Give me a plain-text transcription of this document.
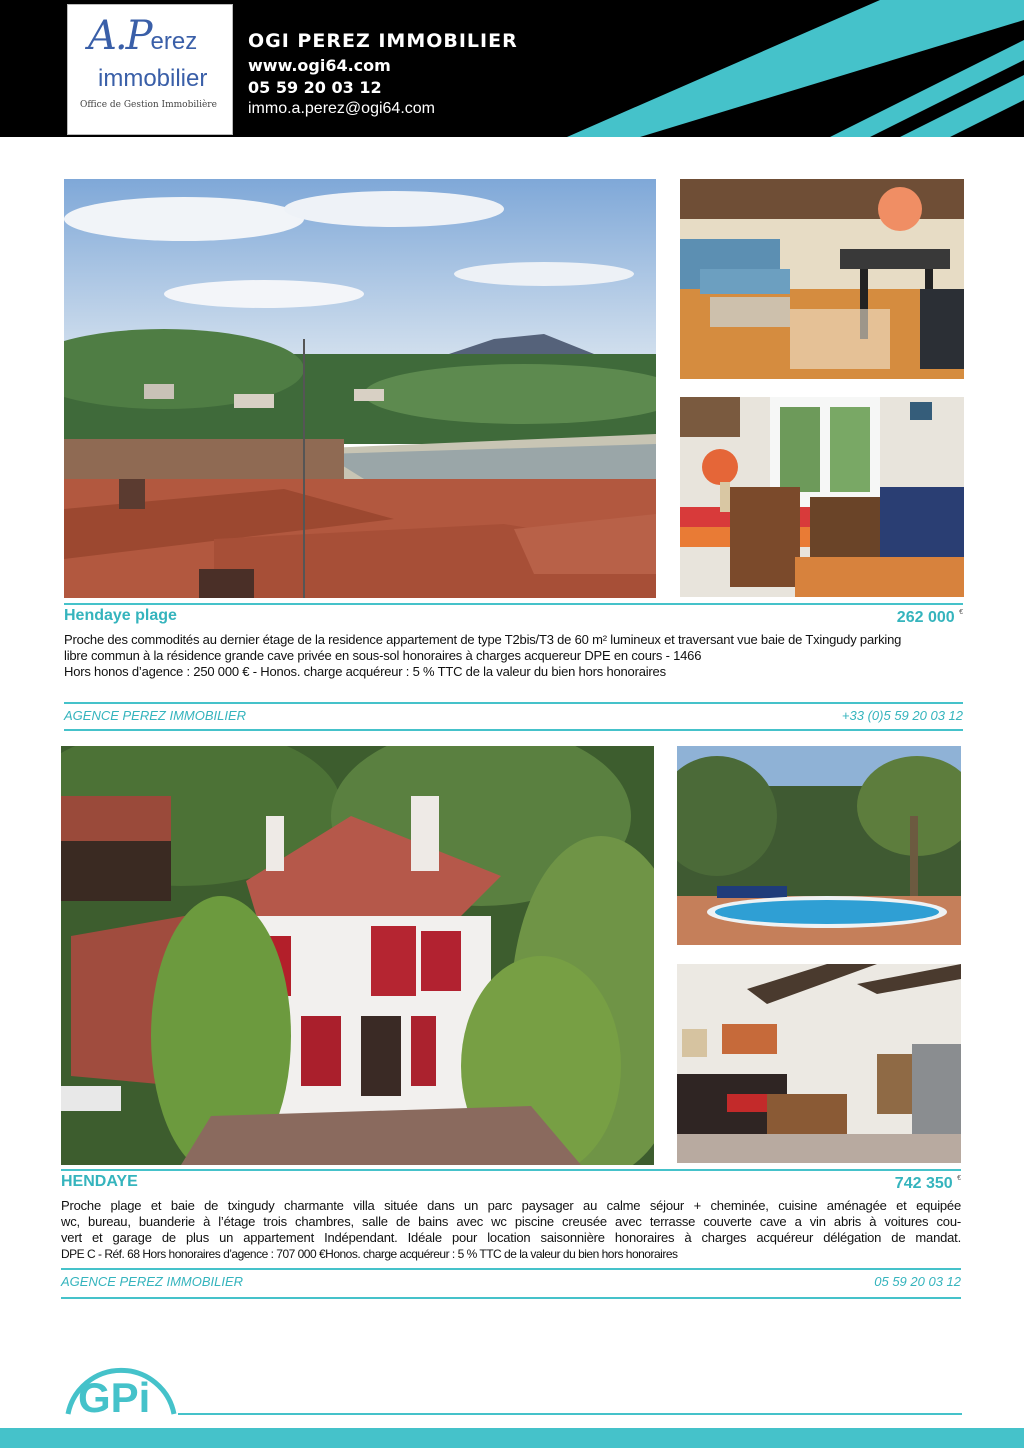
A.Perez
immobilier
Office de Gestion Immobilière
OGI PEREZ IMMOBILIER
www.ogi64.com
05 59 20 03 12
immo.a.perez@ogi64.com
Hendaye plage	262 000 €
Proche des commodités au dernier étage de la residence appartement de type T2bis/T3 de 60 m² lumineux et traversant vue baie de Txingudy parking
libre commun à la résidence grande cave privée en sous-sol honoraires à charges acquereur DPE en cours - 1466
Hors honos d’agence : 250 000 € - Honos. charge acquéreur : 5 % TTC de la valeur du bien hors honoraires
AGENCE PEREZ IMMOBILIER	+33 (0)5 59 20 03 12
HENDAYE	742 350 €
Proche plage et baie de txingudy charmante villa située dans un parc paysager au calme séjour + cheminée, cuisine aménagée et equipée
wc, bureau, buanderie à l’étage trois chambres, salle de bains avec wc piscine creusée avec terrasse couverte cave a vin abris à voitures cou-
vert et garage de plus un appartement Indépendant. Idéale pour location saisonnière honoraires à charges acquéreur délégation de mandat.
DPE C - Réf. 68 Hors honoraires d’agence : 707 000 €Honos. charge acquéreur : 5 % TTC de la valeur du bien hors honoraires
AGENCE PEREZ IMMOBILIER	05 59 20 03 12
GPi
